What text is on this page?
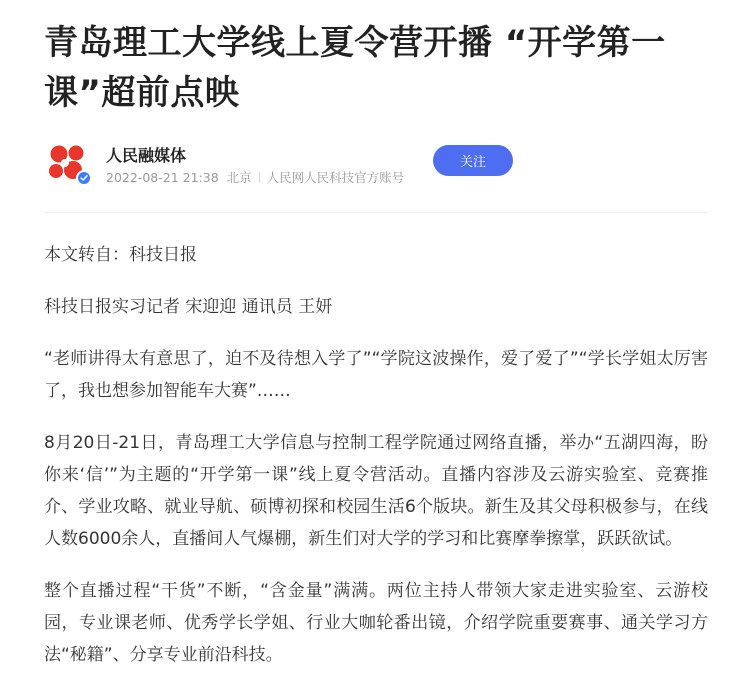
青岛理工大学线上夏令营开播 “开学第一课”超前点映
人民融媒体
2022-08-21 21:38 北京 人民网人民科技官方账号
关注

本文转自：科技日报

科技日报实习记者 宋迎迎 通讯员 王妍

“老师讲得太有意思了，迫不及待想入学了”“学院这波操作，爱了爱了”“学长学姐太厉害了，我也想参加智能车大赛”……

8月20日-21日，青岛理工大学信息与控制工程学院通过网络直播，举办“五湖四海，盼你来‘信’”为主题的“开学第一课”线上夏令营活动。直播内容涉及云游实验室、竞赛推介、学业攻略、就业导航、硕博初探和校园生活6个版块。新生及其父母积极参与，在线人数6000余人，直播间人气爆棚，新生们对大学的学习和比赛摩拳擦掌，跃跃欲试。

整个直播过程“干货”不断，“含金量”满满。两位主持人带领大家走进实验室、云游校园，专业课老师、优秀学长学姐、行业大咖轮番出镜，介绍学院重要赛事、通关学习方法“秘籍”、分享专业前沿科技。
